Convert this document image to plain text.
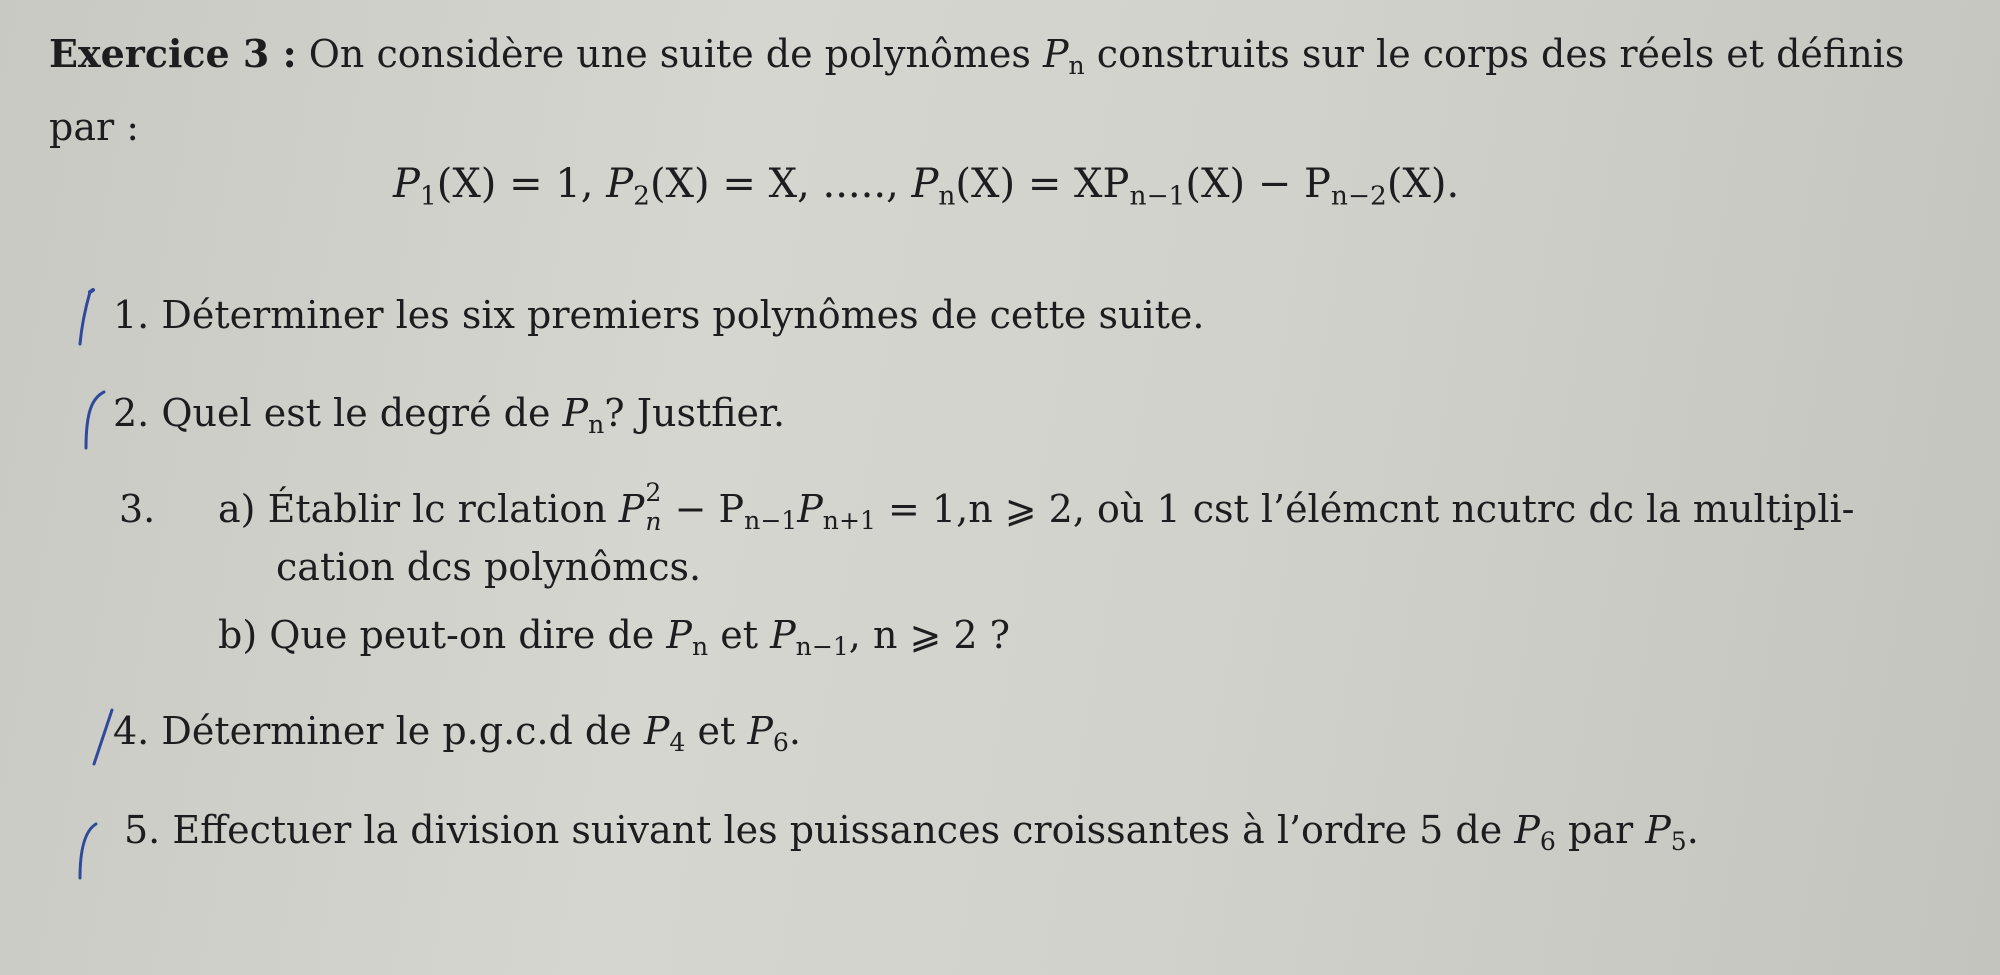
Exercice 3 : On considère une suite de polynômes $P_n$ construits sur le corps des réels et définis
par :
$P_1(X) = 1$, $P_2(X) = X$, ....., $P_n(X) = XP_{n-1}(X) - P_{n-2}(X)$.
1. Déterminer les six premiers polynômes de cette suite.
2. Quel est le degré de $P_n$? Justfier.
3. a) Établir lc rclation P 2
$n - P_{n-1}P_{n+1} = 1,n$ ⩾ 2, où 1 cst l’élémcnt ncutrc dc la multipli-
cation dcs polynômcs.
b) Que peut-on dire de $P_n$ et $P_{n-1}$, n ⩾ 2 ?
4. Déterminer le p.g.c.d de $P_4$ et $P_6$.
5. Effectuer la division suivant les puissances croissantes à l’ordre 5 de $P_6$ par $P_5$.
